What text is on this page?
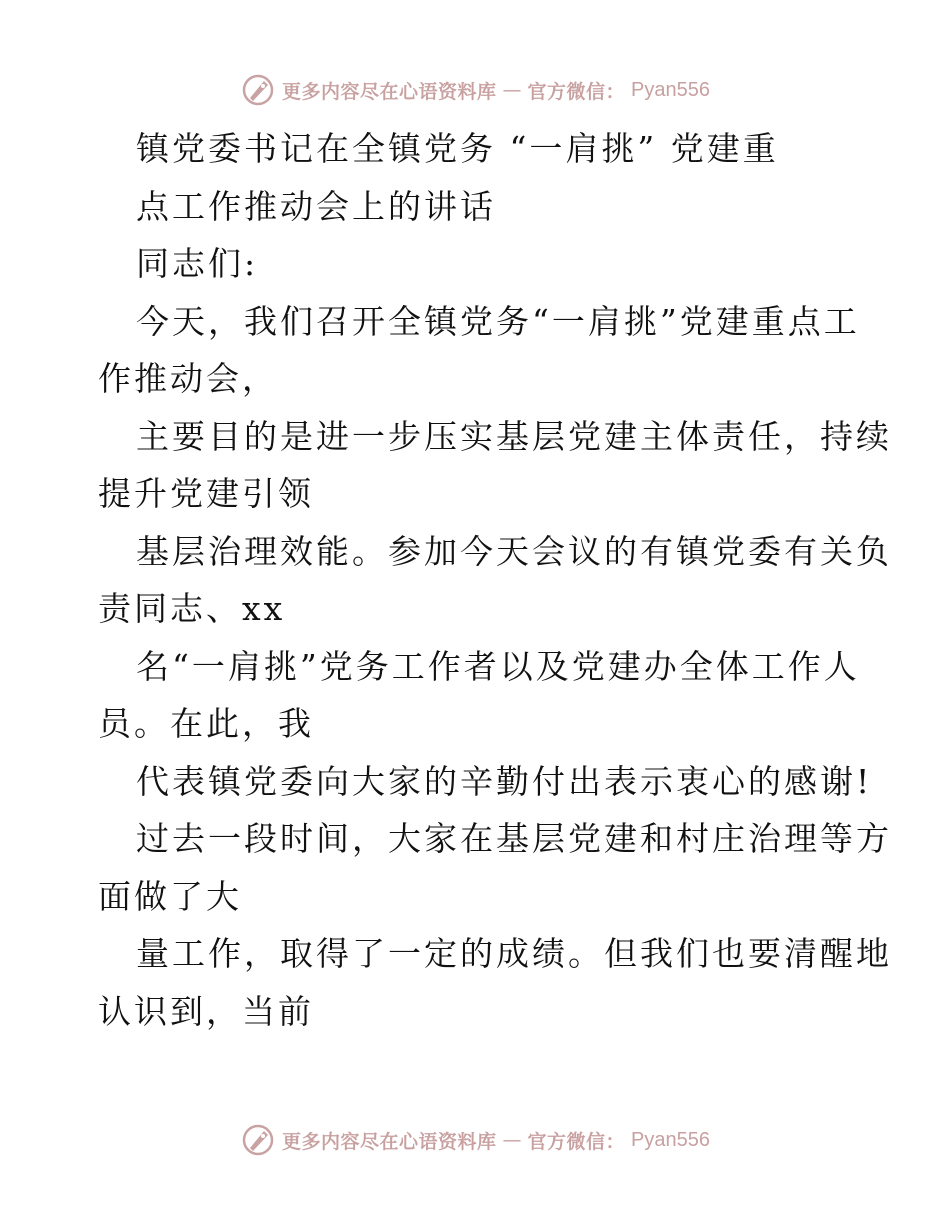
更多内容尽在心语资料库 — 官方微信： Pyan556
镇党委书记在全镇党务 “一肩挑” 党建重
点工作推动会上的讲话
同志们:
今天，我们召开全镇党务“一肩挑”党建重点工
作推动会，
主要目的是进一步压实基层党建主体责任，持续
提升党建引领
基层治理效能。参加今天会议的有镇党委有关负
责同志、xx
名“一肩挑”党务工作者以及党建办全体工作人
员。在此，我
代表镇党委向大家的辛勤付出表示衷心的感谢!
过去一段时间，大家在基层党建和村庄治理等方
面做了大
量工作，取得了一定的成绩。但我们也要清醒地
认识到，当前
更多内容尽在心语资料库 — 官方微信： Pyan556
